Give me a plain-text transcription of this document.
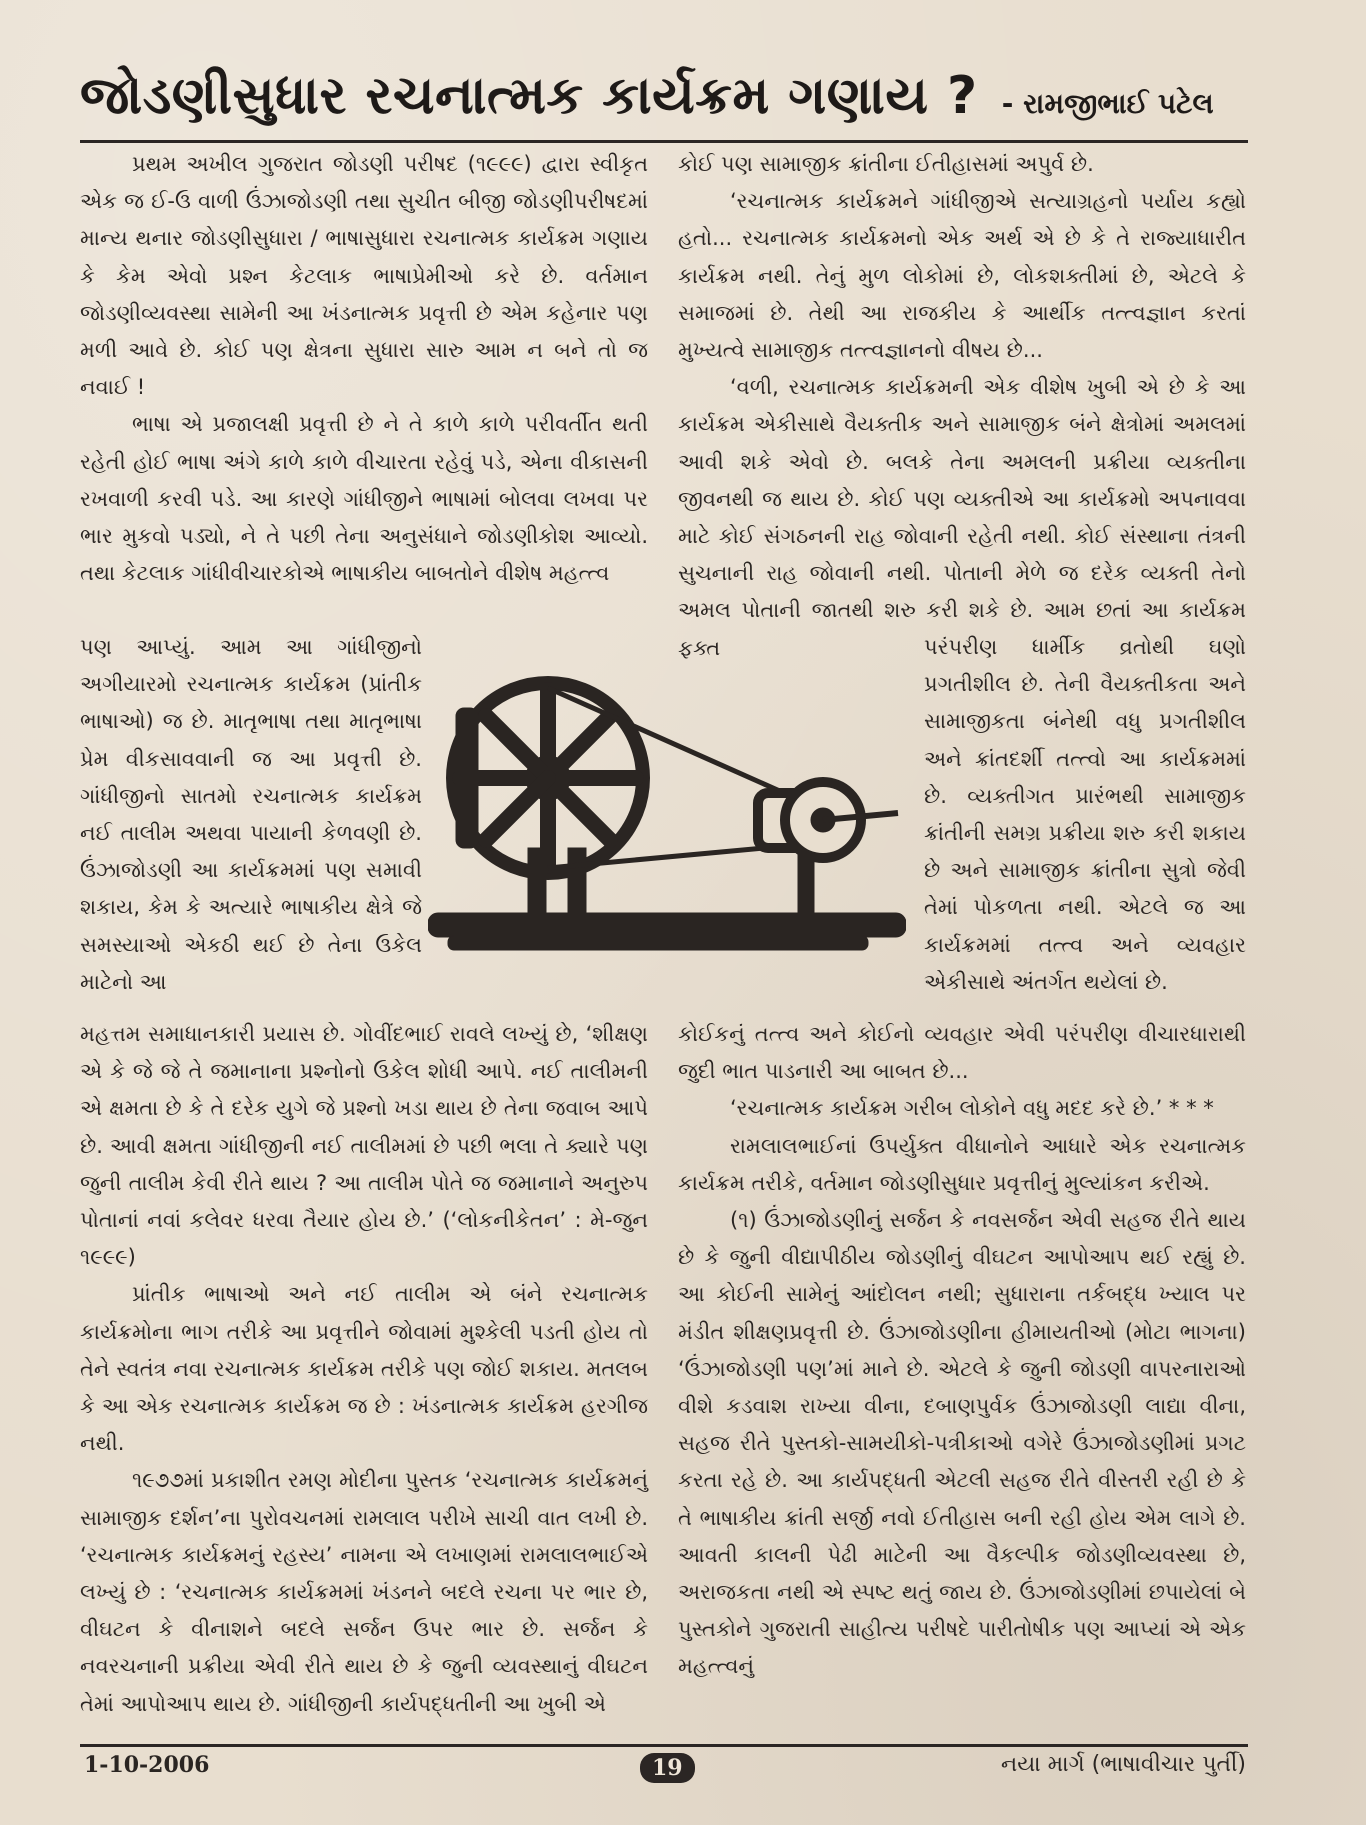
જોડણીસુધાર રચનાત્મક કાર્યક્રમ ગણાય ? - રામજીભાઈ પટેલ

પ્રથમ અખીલ ગુજરાત જોડણી પરીષદ (૧૯૯૯) દ્વારા સ્વીકૃત એક જ ઈ-ઉ વાળી ઉંઝાજોડણી તથા સુચીત બીજી જોડણીપરીષદમાં માન્ય થનાર જોડણીસુધારા / ભાષાસુધારા રચનાત્મક કાર્યક્રમ ગણાય કે કેમ એવો પ્રશ્ન કેટલાક ભાષાપ્રેમીઓ કરે છે. વર્તમાન જોડણીવ્યવસ્થા સામેની આ ખંડનાત્મક પ્રવૃત્તી છે એમ કહેનાર પણ મળી આવે છે. કોઈ પણ ક્ષેત્રના સુધારા સારુ આમ ન બને તો જ નવાઈ !

ભાષા એ પ્રજાલક્ષી પ્રવૃત્તી છે ને તે કાળે કાળે પરીવર્તીત થતી રહેતી હોઈ ભાષા અંગે કાળે કાળે વીચારતા રહેવું પડે, એના વીકાસની રખવાળી કરવી પડે. આ કારણે ગાંધીજીને ભાષામાં બોલવા લખવા પર ભાર મુકવો પડ્યો, ને તે પછી તેના અનુસંધાને જોડણીકોશ આવ્યો. તથા કેટલાક ગાંધીવીચારકોએ ભાષાકીય બાબતોને વીશેષ મહત્ત્વ

પણ આપ્યું. આમ આ ગાંધીજીનો અગીયારમો રચનાત્મક કાર્યક્રમ (પ્રાંતીક ભાષાઓ) જ છે. માતૃભાષા તથા માતૃભાષા પ્રેમ વીકસાવવાની જ આ પ્રવૃત્તી છે. ગાંધીજીનો સાતમો રચનાત્મક કાર્યક્રમ નઈ તાલીમ અથવા પાયાની કેળવણી છે. ઉંઝાજોડણી આ કાર્યક્રમમાં પણ સમાવી શકાય, કેમ કે અત્યારે ભાષાકીય ક્ષેત્રે જે સમસ્યાઓ એકઠી થઈ છે તેના ઉકેલ માટેનો આ

મહત્તમ સમાધાનકારી પ્રયાસ છે. ગોવીંદભાઈ રાવલે લખ્યું છે, ‘શીક્ષણ એ કે જે જે તે જમાનાના પ્રશ્નોનો ઉકેલ શોધી આપે. નઈ તાલીમની એ ક્ષમતા છે કે તે દરેક યુગે જે પ્રશ્નો ખડા થાય છે તેના જવાબ આપે છે. આવી ક્ષમતા ગાંધીજીની નઈ તાલીમમાં છે પછી ભલા તે ક્યારે પણ જુની તાલીમ કેવી રીતે થાય ? આ તાલીમ પોતે જ જમાનાને અનુરુપ પોતાનાં નવાં કલેવર ધરવા તૈયાર હોય છે.’ (‘લોકનીકેતન’ : મે-જુન ૧૯૯૯)

પ્રાંતીક ભાષાઓ અને નઈ તાલીમ એ બંને રચનાત્મક કાર્યક્રમોના ભાગ તરીકે આ પ્રવૃત્તીને જોવામાં મુશ્કેલી પડતી હોય તો તેને સ્વતંત્ર નવા રચનાત્મક કાર્યક્રમ તરીકે પણ જોઈ શકાય. મતલબ કે આ એક રચનાત્મક કાર્યક્રમ જ છે : ખંડનાત્મક કાર્યક્રમ હરગીજ નથી.

૧૯૭૭માં પ્રકાશીત રમણ મોદીના પુસ્તક ‘રચનાત્મક કાર્યક્રમનું સામાજીક દર્શન’ના પુરોવચનમાં રામલાલ પરીખે સાચી વાત લખી છે. ‘રચનાત્મક કાર્યક્રમનું રહસ્ય’ નામના એ લખાણમાં રામલાલભાઈએ લખ્યું છે : ‘રચનાત્મક કાર્યક્રમમાં ખંડનને બદલે રચના પર ભાર છે, વીઘટન કે વીનાશને બદલે સર્જન ઉપર ભાર છે. સર્જન કે નવરચનાની પ્રક્રીયા એવી રીતે થાય છે કે જુની વ્યવસ્થાનું વીઘટન તેમાં આપોઆપ થાય છે. ગાંધીજીની કાર્યપદ્ધતીની આ ખુબી એ

કોઈ પણ સામાજીક ક્રાંતીના ઈતીહાસમાં અપુર્વ છે.

‘રચનાત્મક કાર્યક્રમને ગાંધીજીએ સત્યાગ્રહનો પર્યાય કહ્યો હતો... રચનાત્મક કાર્યક્રમનો એક અર્થ એ છે કે તે રાજ્યાધારીત કાર્યક્રમ નથી. તેનું મુળ લોકોમાં છે, લોકશક્તીમાં છે, એટલે કે સમાજમાં છે. તેથી આ રાજકીય કે આર્થીક તત્ત્વજ્ઞાન કરતાં મુખ્યત્વે સામાજીક તત્ત્વજ્ઞાનનો વીષય છે...

‘વળી, રચનાત્મક કાર્યક્રમની એક વીશેષ ખુબી એ છે કે આ કાર્યક્રમ એકીસાથે વૈયક્તીક અને સામાજીક બંને ક્ષેત્રોમાં અમલમાં આવી શકે એવો છે. બલકે તેના અમલની પ્રક્રીયા વ્યક્તીના જીવનથી જ થાય છે. કોઈ પણ વ્યક્તીએ આ કાર્યક્રમો અપનાવવા માટે કોઈ સંગઠનની રાહ જોવાની રહેતી નથી. કોઈ સંસ્થાના તંત્રની સુચનાની રાહ જોવાની નથી. પોતાની મેળે જ દરેક વ્યક્તી તેનો અમલ પોતાની જાતથી શરુ કરી શકે છે. આમ છતાં આ કાર્યક્રમ ફક્ત	પરંપરીણ ધાર્મીક વ્રતોથી ઘણો પ્રગતીશીલ છે. તેની વૈયક્તીકતા અને સામાજીકતા બંનેથી વધુ પ્રગતીશીલ અને ક્રાંતદર્શી તત્ત્વો આ કાર્યક્રમમાં છે. વ્યક્તીગત પ્રારંભથી સામાજીક ક્રાંતીની સમગ્ર પ્રક્રીયા શરુ કરી શકાય છે અને સામાજીક ક્રાંતીના સુત્રો જેવી તેમાં પોકળતા નથી. એટલે જ આ કાર્યક્રમમાં તત્ત્વ અને વ્યવહાર એકીસાથે અંતર્ગત થયેલાં છે.

કોઈકનું તત્ત્વ અને કોઈનો વ્યવહાર એવી પરંપરીણ વીચારધારાથી જુદી ભાત પાડનારી આ બાબત છે...

‘રચનાત્મક કાર્યક્રમ ગરીબ લોકોને વધુ મદદ કરે છે.’ * * *

રામલાલભાઈનાં ઉપર્યુક્ત વીધાનોને આધારે એક રચનાત્મક કાર્યક્રમ તરીકે, વર્તમાન જોડણીસુધાર પ્રવૃત્તીનું મુલ્યાંકન કરીએ.

(૧) ઉંઝાજોડણીનું સર્જન કે નવસર્જન એવી સહજ રીતે થાય છે કે જુની વીદ્યાપીઠીય જોડણીનું વીઘટન આપોઆપ થઈ રહ્યું છે. આ કોઈની સામેનું આંદોલન નથી; સુધારાના તર્કબદ્ધ ખ્યાલ પર મંડીત શીક્ષણપ્રવૃત્તી છે. ઉંઝાજોડણીના હીમાયતીઓ (મોટા ભાગના) ‘ઉંઝાજોડણી પણ’માં માને છે. એટલે કે જુની જોડણી વાપરનારાઓ વીશે કડવાશ રાખ્યા વીના, દબાણપુર્વક ઉંઝાજોડણી લાદ્યા વીના, સહજ રીતે પુસ્તકો-સામયીકો-પત્રીકાઓ વગેરે ઉંઝાજોડણીમાં પ્રગટ કરતા રહે છે. આ કાર્યપદ્ધતી એટલી સહજ રીતે વીસ્તરી રહી છે કે તે ભાષાકીય ક્રાંતી સર્જી નવો ઈતીહાસ બની રહી હોય એમ લાગે છે. આવતી કાલની પેઢી માટેની આ વૈકલ્પીક જોડણીવ્યવસ્થા છે, અરાજકતા નથી એ સ્પષ્ટ થતું જાય છે. ઉંઝાજોડણીમાં છપાયેલાં બે પુસ્તકોને ગુજરાતી સાહીત્ય પરીષદે પારીતોષીક પણ આપ્યાં એ એક મહત્ત્વનું

1-10-2006	19	નયા માર્ગ (ભાષાવીચાર પુર્તી)
